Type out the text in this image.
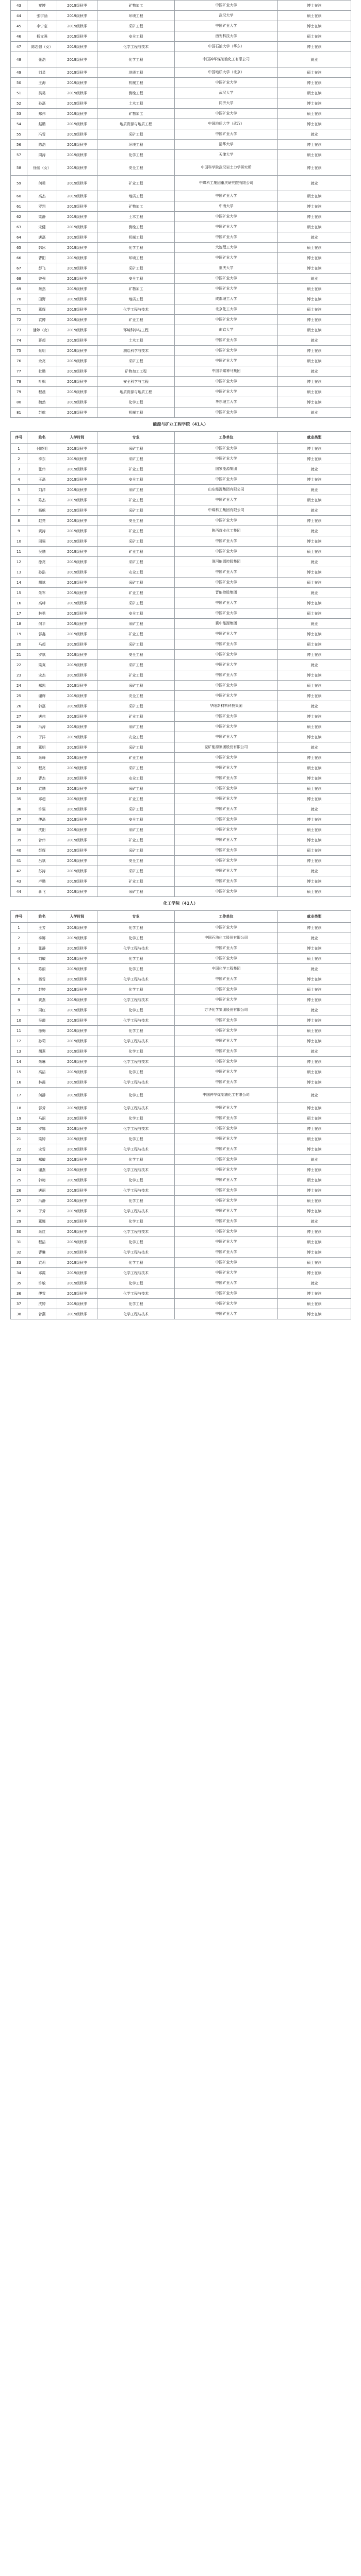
43	秦博	2019级秋季	矿物加工	中国矿业大学	博士在读
44	张宇涵	2019级秋季	环境工程	武汉大学	硕士在读
45	李宁豪	2019级秋季	采矿工程	中国矿业大学	博士在读
46	杨文强	2019级秋季	安全工程	西安科技大学	硕士在读
47	陈志强（女）	2019级秋季	化学工程与技术	中国石油大学（华东）	博士在读
48	张浩	2019级秋季	化学工程	中国神华煤制油化工有限公司	就业
49	刘星	2019级秋季	地质工程	中国地质大学（北京）	硕士在读
50	王海	2019级秋季	机械工程	中国矿业大学	博士在读
51	吴昊	2019级秋季	测绘工程	武汉大学	硕士在读
52	孙磊	2019级秋季	土木工程	同济大学	博士在读
53	郑伟	2019级秋季	矿物加工	中国矿业大学	硕士在读
54	赵鹏	2019级秋季	地质资源与地质工程	中国地质大学（武汉）	博士在读
55	冯雪	2019级秋季	采矿工程	中国矿业大学	就业
56	陈浩	2019级秋季	环境工程	清华大学	博士在读
57	周涛	2019级秋季	化学工程	天津大学	硕士在读
58	徐丽（女）	2019级秋季	安全工程	中国科学院武汉岩土力学研究所	博士在读
59	何勇	2019级秋季	矿业工程	中煤科工集团重庆研究院有限公司	就业
60	高杰	2019级秋季	地质工程	中国矿业大学	硕士在读
61	罗翔	2019级秋季	矿物加工	中南大学	博士在读
62	梁静	2019级秋季	土木工程	中国矿业大学	博士在读
63	宋健	2019级秋季	测绘工程	中国矿业大学	硕士在读
64	唐磊	2019级秋季	机械工程	中国矿业大学	就业
65	韩冰	2019级秋季	化学工程	大连理工大学	硕士在读
66	曹阳	2019级秋季	环境工程	中国矿业大学	博士在读
67	彭飞	2019级秋季	采矿工程	重庆大学	博士在读
68	曾强	2019级秋季	安全工程	中国矿业大学	就业
69	萧然	2019级秋季	矿物加工	中国矿业大学	硕士在读
70	田野	2019级秋季	地质工程	成都理工大学	博士在读
71	董辉	2019级秋季	化学工程与技术	北京化工大学	硕士在读
72	袁博	2019级秋季	矿业工程	中国矿业大学	博士在读
73	潘婷（女）	2019级秋季	环境科学与工程	南京大学	硕士在读
74	蒋超	2019级秋季	土木工程	中国矿业大学	就业
75	蔡明	2019级秋季	测绘科学与技术	中国矿业大学	博士在读
76	余亮	2019级秋季	采矿工程	中国矿业大学	硕士在读
77	杜鹏	2019级秋季	矿物加工工程	中国平煤神马集团	就业
78	叶枫	2019级秋季	安全科学与工程	中国矿业大学	博士在读
79	程晨	2019级秋季	地质资源与地质工程	中国矿业大学	硕士在读
80	魏然	2019级秋季	化学工程	华东理工大学	博士在读
81	苏航	2019级秋季	机械工程	中国矿业大学	就业
能源与矿业工程学院（41人）
序号	姓名	入学时间	专业	工作单位	就业类型
1	付晓明	2019级秋季	采矿工程	中国矿业大学	博士在读
2	李东	2019级秋季	采矿工程	中国矿业大学	博士在读
3	张伟	2019级秋季	矿业工程	国家能源集团	就业
4	王磊	2019级秋季	安全工程	中国矿业大学	博士在读
5	刘洋	2019级秋季	采矿工程	山东能源集团有限公司	就业
6	陈杰	2019级秋季	矿业工程	中国矿业大学	硕士在读
7	杨帆	2019级秋季	采矿工程	中煤科工集团有限公司	就业
8	赵亮	2019级秋季	安全工程	中国矿业大学	博士在读
9	黄涛	2019级秋季	矿业工程	陕西煤业化工集团	就业
10	周强	2019级秋季	采矿工程	中国矿业大学	博士在读
11	吴鹏	2019级秋季	矿业工程	中国矿业大学	硕士在读
12	徐亮	2019级秋季	采矿工程	淮河能源控股集团	就业
13	孙浩	2019级秋季	安全工程	中国矿业大学	博士在读
14	胡斌	2019级秋季	采矿工程	中国矿业大学	硕士在读
15	朱军	2019级秋季	矿业工程	晋能控股集团	就业
16	高峰	2019级秋季	采矿工程	中国矿业大学	博士在读
17	林勇	2019级秋季	安全工程	中国矿业大学	硕士在读
18	何平	2019级秋季	采矿工程	冀中能源集团	就业
19	郭鑫	2019级秋季	矿业工程	中国矿业大学	博士在读
20	马超	2019级秋季	采矿工程	中国矿业大学	硕士在读
21	罗斌	2019级秋季	安全工程	中国矿业大学	博士在读
22	梁爽	2019级秋季	采矿工程	中国矿业大学	就业
23	宋杰	2019级秋季	矿业工程	中国矿业大学	博士在读
24	郑凯	2019级秋季	采矿工程	中国矿业大学	硕士在读
25	谢辉	2019级秋季	安全工程	中国矿业大学	博士在读
26	韩磊	2019级秋季	采矿工程	华阳新材料科技集团	就业
27	唐伟	2019级秋季	矿业工程	中国矿业大学	博士在读
28	冯涛	2019级秋季	采矿工程	中国矿业大学	硕士在读
29	于洋	2019级秋季	安全工程	中国矿业大学	博士在读
30	董明	2019级秋季	采矿工程	兖矿能源集团股份有限公司	就业
31	萧峰	2019级秋季	矿业工程	中国矿业大学	博士在读
32	程亮	2019级秋季	采矿工程	中国矿业大学	硕士在读
33	曹杰	2019级秋季	安全工程	中国矿业大学	博士在读
34	袁鹏	2019级秋季	采矿工程	中国矿业大学	硕士在读
35	邓超	2019级秋季	矿业工程	中国矿业大学	博士在读
36	许强	2019级秋季	采矿工程	中国矿业大学	就业
37	傅磊	2019级秋季	安全工程	中国矿业大学	博士在读
38	沈阳	2019级秋季	采矿工程	中国矿业大学	硕士在读
39	曾伟	2019级秋季	矿业工程	中国矿业大学	博士在读
40	彭辉	2019级秋季	采矿工程	中国矿业大学	硕士在读
41	吕斌	2019级秋季	安全工程	中国矿业大学	博士在读
42	苏涛	2019级秋季	采矿工程	中国矿业大学	就业
43	卢鹏	2019级秋季	矿业工程	中国矿业大学	博士在读
44	蒋飞	2019级秋季	采矿工程	中国矿业大学	硕士在读
化工学院（41人）
序号	姓名	入学时间	专业	工作单位	就业类型
1	王芳	2019级秋季	化学工程	中国矿业大学	博士在读
2	李娜	2019级秋季	化学工程	中国石油化工股份有限公司	就业
3	张静	2019级秋季	化学工程与技术	中国矿业大学	博士在读
4	刘敏	2019级秋季	化学工程	中国矿业大学	硕士在读
5	陈丽	2019级秋季	化学工程	中国化学工程集团	就业
6	杨雪	2019级秋季	化学工程与技术	中国矿业大学	博士在读
7	赵婷	2019级秋季	化学工程	中国矿业大学	硕士在读
8	黄燕	2019级秋季	化学工程与技术	中国矿业大学	博士在读
9	周红	2019级秋季	化学工程	万华化学集团股份有限公司	就业
10	吴霞	2019级秋季	化学工程与技术	中国矿业大学	博士在读
11	徐梅	2019级秋季	化学工程	中国矿业大学	硕士在读
12	孙莉	2019级秋季	化学工程与技术	中国矿业大学	博士在读
13	胡燕	2019级秋季	化学工程	中国矿业大学	就业
14	朱琳	2019级秋季	化学工程与技术	中国矿业大学	博士在读
15	高洁	2019级秋季	化学工程	中国矿业大学	硕士在读
16	林霞	2019级秋季	化学工程与技术	中国矿业大学	博士在读
17	何静	2019级秋季	化学工程	中国神华煤制油化工有限公司	就业
18	郭芳	2019级秋季	化学工程与技术	中国矿业大学	博士在读
19	马丽	2019级秋季	化学工程	中国矿业大学	硕士在读
20	罗娜	2019级秋季	化学工程与技术	中国矿业大学	博士在读
21	梁婷	2019级秋季	化学工程	中国矿业大学	硕士在读
22	宋雪	2019级秋季	化学工程与技术	中国矿业大学	博士在读
23	郑敏	2019级秋季	化学工程	中国矿业大学	就业
24	谢燕	2019级秋季	化学工程与技术	中国矿业大学	博士在读
25	韩梅	2019级秋季	化学工程	中国矿业大学	硕士在读
26	唐丽	2019级秋季	化学工程与技术	中国矿业大学	博士在读
27	冯静	2019级秋季	化学工程	中国矿业大学	硕士在读
28	于芳	2019级秋季	化学工程与技术	中国矿业大学	博士在读
29	董娜	2019级秋季	化学工程	中国矿业大学	就业
30	萧红	2019级秋季	化学工程与技术	中国矿业大学	博士在读
31	程洁	2019级秋季	化学工程	中国矿业大学	硕士在读
32	曹琳	2019级秋季	化学工程与技术	中国矿业大学	博士在读
33	袁莉	2019级秋季	化学工程	中国矿业大学	硕士在读
34	邓霞	2019级秋季	化学工程与技术	中国矿业大学	博士在读
35	许敏	2019级秋季	化学工程	中国矿业大学	就业
36	傅雪	2019级秋季	化学工程与技术	中国矿业大学	博士在读
37	沈婷	2019级秋季	化学工程	中国矿业大学	硕士在读
38	曾燕	2019级秋季	化学工程与技术	中国矿业大学	博士在读
